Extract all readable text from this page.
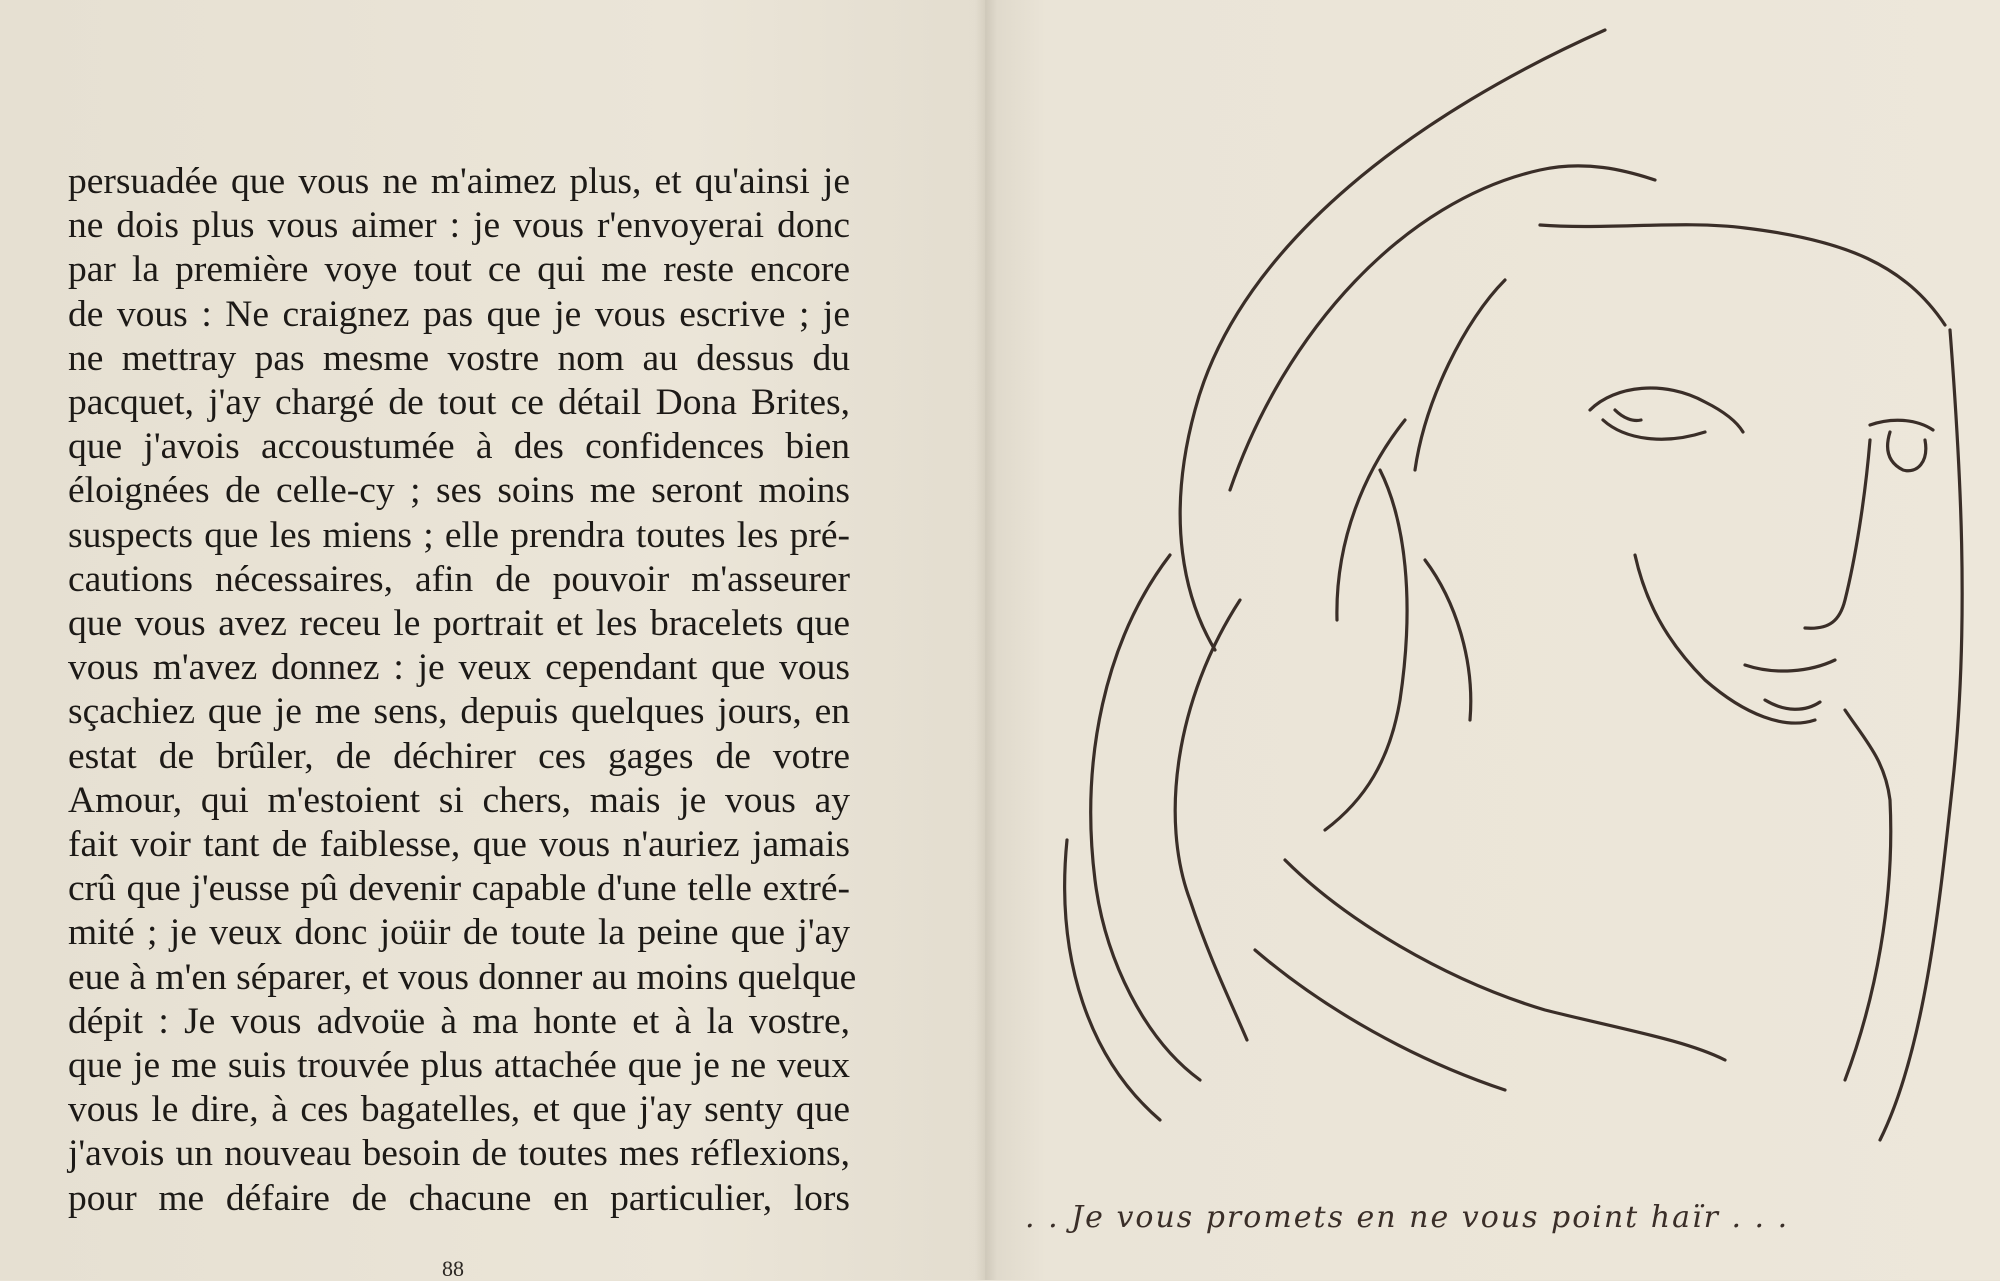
persuadée que vous ne m'aimez plus, et qu'ainsi je
ne dois plus vous aimer : je vous r'envoyerai donc
par la première voye tout ce qui me reste encore
de vous : Ne craignez pas que je vous escrive ; je
ne mettray pas mesme vostre nom au dessus du
pacquet, j'ay chargé de tout ce détail Dona Brites,
que j'avois accoustumée à des confidences bien
éloignées de celle-cy ; ses soins me seront moins
suspects que les miens ; elle prendra toutes les pré-
cautions nécessaires, afin de pouvoir m'asseurer
que vous avez receu le portrait et les bracelets que
vous m'avez donnez : je veux cependant que vous
sçachiez que je me sens, depuis quelques jours, en
estat de brûler, de déchirer ces gages de votre
Amour, qui m'estoient si chers, mais je vous ay
fait voir tant de faiblesse, que vous n'auriez jamais
crû que j'eusse pû devenir capable d'une telle extré-
mité ; je veux donc joüir de toute la peine que j'ay
eue à m'en séparer, et vous donner au moins quelque
dépit : Je vous advoüe à ma honte et à la vostre,
que je me suis trouvée plus attachée que je ne veux
vous le dire, à ces bagatelles, et que j'ay senty que
j'avois un nouveau besoin de toutes mes réflexions,
pour me défaire de chacune en particulier, lors
88
. . Je vous promets en ne vous point haïr . . .
